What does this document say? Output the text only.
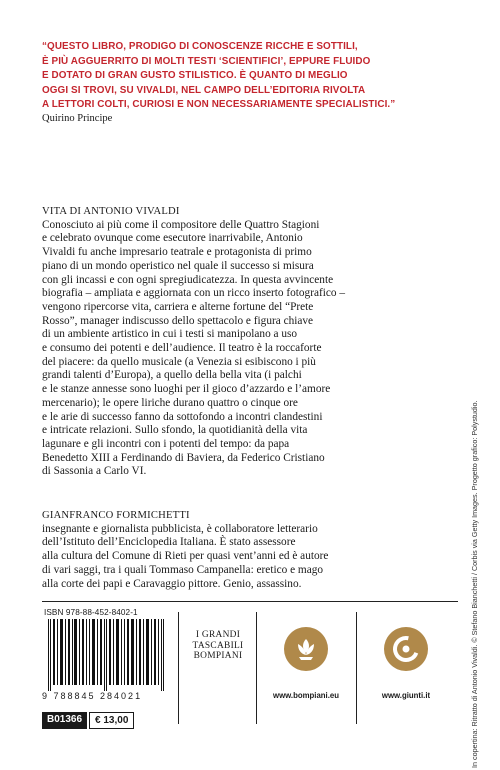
“QUESTO LIBRO, PRODIGO DI CONOSCENZE RICCHE E SOTTILI,
È PIÙ AGGUERRITO DI MOLTI TESTI ‘SCIENTIFICI’, EPPURE FLUIDO
E DOTATO DI GRAN GUSTO STILISTICO. È QUANTO DI MEGLIO
OGGI SI TROVI, SU VIVALDI, NEL CAMPO DELL’EDITORIA RIVOLTA
A LETTORI COLTI, CURIOSI E NON NECESSARIAMENTE SPECIALISTICI.”
Quirino Principe
VITA DI ANTONIO VIVALDI
Conosciuto ai più come il compositore delle Quattro Stagioni
e celebrato ovunque come esecutore inarrivabile, Antonio
Vivaldi fu anche impresario teatrale e protagonista di primo
piano di un mondo operistico nel quale il successo si misura
con gli incassi e con ogni spregiudicatezza. In questa avvincente
biografia – ampliata e aggiornata con un ricco inserto fotografico –
vengono ripercorse vita, carriera e alterne fortune del “Prete
Rosso”, manager indiscusso dello spettacolo e figura chiave
di un ambiente artistico in cui i testi si manipolano a uso
e consumo dei potenti e dell’audience. Il teatro è la roccaforte
del piacere: da quello musicale (a Venezia si esibiscono i più
grandi talenti d’Europa), a quello della bella vita (i palchi
e le stanze annesse sono luoghi per il gioco d’azzardo e l’amore
mercenario); le opere liriche durano quattro o cinque ore
e le arie di successo fanno da sottofondo a incontri clandestini
e intricate relazioni. Sullo sfondo, la quotidianità della vita
lagunare e gli incontri con i potenti del tempo: da papa
Benedetto XIII a Ferdinando di Baviera, da Federico Cristiano
di Sassonia a Carlo VI.
GIANFRANCO FORMICHETTI
insegnante e giornalista pubblicista, è collaboratore letterario
dell’Istituto dell’Enciclopedia Italiana. È stato assessore
alla cultura del Comune di Rieti per quasi vent’anni ed è autore
di vari saggi, tra i quali Tommaso Campanella: eretico e mago
alla corte dei papi e Caravaggio pittore. Genio, assassino.	In copertina: Ritratto di Antonio Vivaldi. © Stefano Bianchetti / Corbis via Getty Images. Progetto grafico: Polystudio.
ISBN 978-88-452-8402-1
9 788845 284021
B01366	€ 13,00
I GRANDI
TASCABILI
BOMPIANI
www.bompiani.eu	www.giunti.it
